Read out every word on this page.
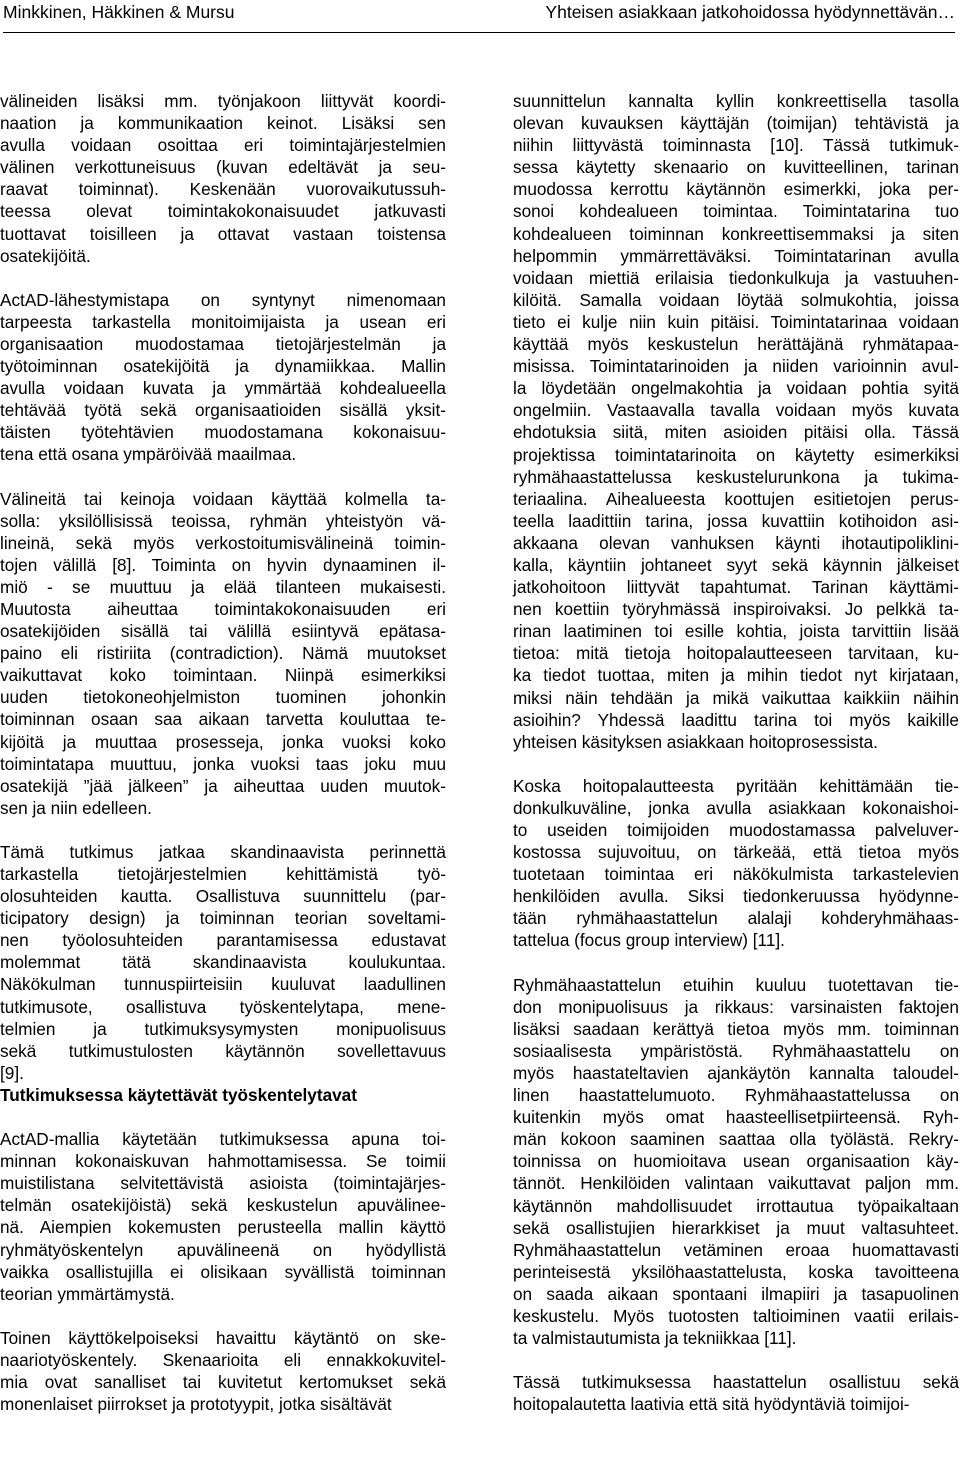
Minkkinen, Häkkinen & Mursu	Yhteisen asiakkaan jatkohoidossa hyödynnettävän…

välineiden lisäksi mm. työnjakoon liittyvät koordi-
naation ja kommunikaation keinot. Lisäksi sen
avulla voidaan osoittaa eri toimintajärjestelmien
välinen verkottuneisuus (kuvan edeltävät ja seu-
raavat toiminnat). Keskenään vuorovaikutussuh-
teessa olevat toimintakokonaisuudet jatkuvasti
tuottavat toisilleen ja ottavat vastaan toistensa
osatekijöitä.

ActAD-lähestymistapa on syntynyt nimenomaan
tarpeesta tarkastella monitoimijaista ja usean eri
organisaation muodostamaa tietojärjestelmän ja
työtoiminnan osatekijöitä ja dynamiikkaa. Mallin
avulla voidaan kuvata ja ymmärtää kohdealueella
tehtävää työtä sekä organisaatioiden sisällä yksit-
täisten työtehtävien muodostamana kokonaisuu-
tena että osana ympäröivää maailmaa.

Välineitä tai keinoja voidaan käyttää kolmella ta-
solla: yksilöllisissä teoissa, ryhmän yhteistyön vä-
lineinä, sekä myös verkostoitumisvälineinä toimin-
tojen välillä [8]. Toiminta on hyvin dynaaminen il-
miö - se muuttuu ja elää tilanteen mukaisesti.
Muutosta aiheuttaa toimintakokonaisuuden eri
osatekijöiden sisällä tai välillä esiintyvä epätasa-
paino eli ristiriita (contradiction). Nämä muutokset
vaikuttavat koko toimintaan. Niinpä esimerkiksi
uuden tietokoneohjelmiston tuominen johonkin
toiminnan osaan saa aikaan tarvetta kouluttaa te-
kijöitä ja muuttaa prosesseja, jonka vuoksi koko
toimintatapa muuttuu, jonka vuoksi taas joku muu
osatekijä ”jää jälkeen” ja aiheuttaa uuden muutok-
sen ja niin edelleen.

Tämä tutkimus jatkaa skandinaavista perinnettä
tarkastella tietojärjestelmien kehittämistä työ-
olosuhteiden kautta. Osallistuva suunnittelu (par-
ticipatory design) ja toiminnan teorian soveltami-
nen työolosuhteiden parantamisessa edustavat
molemmat tätä skandinaavista koulukuntaa.
Näkökulman tunnuspiirteisiin kuuluvat laadullinen
tutkimusote, osallistuva työskentelytapa, mene-
telmien ja tutkimuksysymysten monipuolisuus
sekä tutkimustulosten käytännön sovellettavuus
[9].

Tutkimuksessa käytettävät työskentelytavat

ActAD-mallia käytetään tutkimuksessa apuna toi-
minnan kokonaiskuvan hahmottamisessa. Se toimii
muistilistana selvitettävistä asioista (toimintajärjes-
telmän osatekijöistä) sekä keskustelun apuvälineе-
nä. Aiempien kokemusten perusteella mallin käyttö
ryhmätyöskentelyn apuvälineenä on hyödyllistä
vaikka osallistujilla ei olisikaan syvällistä toiminnan
teorian ymmärtämystä.

Toinen käyttökelpoiseksi havaittu käytäntö on ske-
naariotyöskentely. Skenaarioita eli ennakkokuvitel-
mia ovat sanalliset tai kuvitetut kertomukset sekä
monenlaiset piirrokset ja prototyypit, jotka sisältävät

suunnittelun kannalta kyllin konkreettisella tasolla
olevan kuvauksen käyttäjän (toimijan) tehtävistä ja
niihin liittyvästä toiminnasta [10]. Tässä tutkimuk-
sessa käytetty skenaario on kuvitteellinen, tarinan
muodossa kerrottu käytännön esimerkki, joka per-
sonoi kohdealueen toimintaa. Toimintatarina tuo
kohdealueen toiminnan konkreettisemmaksi ja siten
helpommin ymmärrettäväksi. Toimintatarinan avulla
voidaan miettiä erilaisia tiedonkulkuja ja vastuuhen-
kilöitä. Samalla voidaan löytää solmukohtia, joissa
tieto ei kulje niin kuin pitäisi. Toimintatarinaa voidaan
käyttää myös keskustelun herättäjänä ryhmätapaa-
misissa. Toimintatarinoiden ja niiden varioinnin avul-
la löydetään ongelmakohtia ja voidaan pohtia syitä
ongelmiin. Vastaavalla tavalla voidaan myös kuvata
ehdotuksia siitä, miten asioiden pitäisi olla. Tässä
projektissa toimintatarinoita on käytetty esimerkiksi
ryhmähaastattelussa keskustelurunkona ja tukima-
teriaalina. Aihealueesta koottujen esitietojen perus-
teella laadittiin tarina, jossa kuvattiin kotihoidon asi-
akkaana olevan vanhuksen käynti ihotautipoliklini-
kalla, käyntiin johtaneet syyt sekä käynnin jälkeiset
jatkohoitoon liittyvät tapahtumat. Tarinan käyttämi-
nen koettiin työryhmässä inspiroivaksi. Jo pelkkä ta-
rinan laatiminen toi esille kohtia, joista tarvittiin lisää
tietoa: mitä tietoja hoitopalautteeseen tarvitaan, ku-
ka tiedot tuottaa, miten ja mihin tiedot nyt kirjataan,
miksi näin tehdään ja mikä vaikuttaa kaikkiin näihin
asioihin? Yhdessä laadittu tarina toi myös kaikille
yhteisen käsityksen asiakkaan hoitoprosessista.

Koska hoitopalautteesta pyritään kehittämään tie-
donkulkuväline, jonka avulla asiakkaan kokonaishoi-
to useiden toimijoiden muodostamassa palveluver-
kostossa sujuvoituu, on tärkeää, että tietoa myös
tuotetaan toimintaa eri näkökulmista tarkastelevien
henkilöiden avulla. Siksi tiedonkeruussa hyödynne-
tään ryhmähaastattelun alalaji kohderyhmähaas-
tattelua (focus group interview) [11].

Ryhmähaastattelun etuihin kuuluu tuotettavan tie-
don monipuolisuus ja rikkaus: varsinaisten faktojen
lisäksi saadaan kerättyä tietoa myös mm. toiminnan
sosiaalisesta ympäristöstä. Ryhmähaastattelu on
myös haastateltavien ajankäytön kannalta taloudel-
linen haastattelumuoto. Ryhmähaastattelussa on
kuitenkin myös omat haasteellisetpiirteensä. Ryh-
män kokoon saaminen saattaa olla työlästä. Rekry-
toinnissa on huomioitava usean organisaation käy-
tännöt. Henkilöiden valintaan vaikuttavat paljon mm.
käytännön mahdollisuudet irrottautua työpaikaltaan
sekä osallistujien hierarkkiset ja muut valtasuhteet.
Ryhmähaastattelun vetäminen eroaa huomattavasti
perinteisestä yksilöhaastattelusta, koska tavoitteena
on saada aikaan spontaani ilmapiiri ja tasapuolinen
keskustelu. Myös tuotosten taltioiminen vaatii erilais-
ta valmistautumista ja tekniikkaa [11].

Tässä tutkimuksessa haastattelun osallistuu sekä
hoitopalautetta laativia että sitä hyödyntäviä toimijoi-
